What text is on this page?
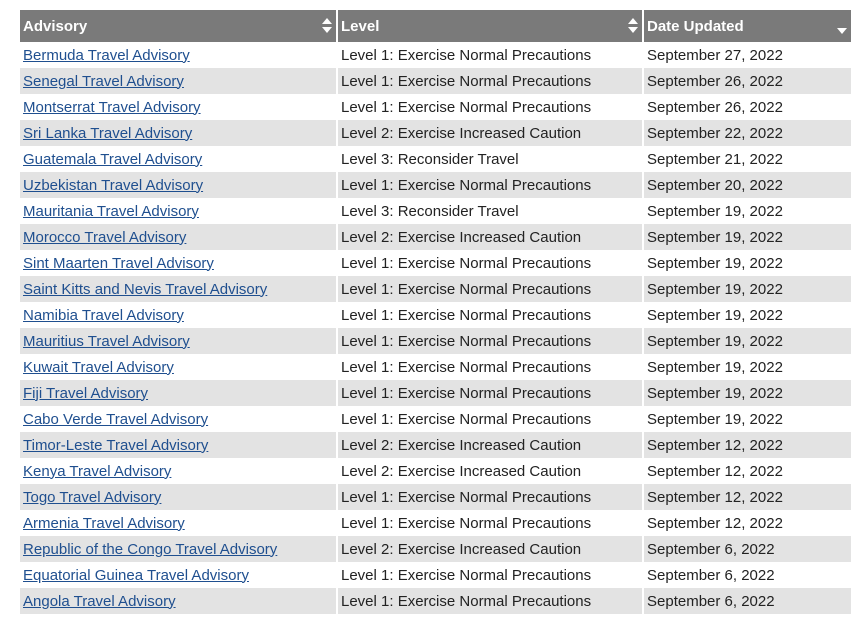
Advisory	Level	Date Updated

Bermuda Travel Advisory	Level 1: Exercise Normal Precautions	September 27, 2022
Senegal Travel Advisory	Level 1: Exercise Normal Precautions	September 26, 2022
Montserrat Travel Advisory	Level 1: Exercise Normal Precautions	September 26, 2022
Sri Lanka Travel Advisory	Level 2: Exercise Increased Caution	September 22, 2022
Guatemala Travel Advisory	Level 3: Reconsider Travel	September 21, 2022
Uzbekistan Travel Advisory	Level 1: Exercise Normal Precautions	September 20, 2022
Mauritania Travel Advisory	Level 3: Reconsider Travel	September 19, 2022
Morocco Travel Advisory	Level 2: Exercise Increased Caution	September 19, 2022
Sint Maarten Travel Advisory	Level 1: Exercise Normal Precautions	September 19, 2022
Saint Kitts and Nevis Travel Advisory	Level 1: Exercise Normal Precautions	September 19, 2022
Namibia Travel Advisory	Level 1: Exercise Normal Precautions	September 19, 2022
Mauritius Travel Advisory	Level 1: Exercise Normal Precautions	September 19, 2022
Kuwait Travel Advisory	Level 1: Exercise Normal Precautions	September 19, 2022
Fiji Travel Advisory	Level 1: Exercise Normal Precautions	September 19, 2022
Cabo Verde Travel Advisory	Level 1: Exercise Normal Precautions	September 19, 2022
Timor-Leste Travel Advisory	Level 2: Exercise Increased Caution	September 12, 2022
Kenya Travel Advisory	Level 2: Exercise Increased Caution	September 12, 2022
Togo Travel Advisory	Level 1: Exercise Normal Precautions	September 12, 2022
Armenia Travel Advisory	Level 1: Exercise Normal Precautions	September 12, 2022
Republic of the Congo Travel Advisory	Level 2: Exercise Increased Caution	September 6, 2022
Equatorial Guinea Travel Advisory	Level 1: Exercise Normal Precautions	September 6, 2022
Angola Travel Advisory	Level 1: Exercise Normal Precautions	September 6, 2022
